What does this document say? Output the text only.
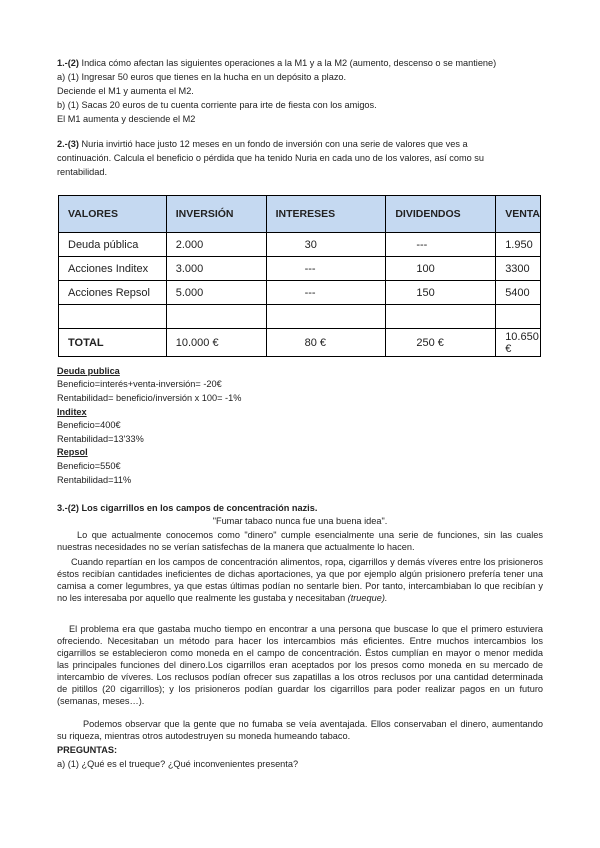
1.-(2) Indica cómo afectan las siguientes operaciones a la M1 y a la M2 (aumento, descenso o se mantiene)
a) (1) Ingresar 50 euros que tienes en la hucha en un depósito a plazo.
Deciende el M1 y aumenta el M2.
b) (1) Sacas 20 euros de tu cuenta corriente para irte de fiesta con los amigos.
El M1 aumenta y desciende el M2
2.-(3) Nuria invirtió hace justo 12 meses en un fondo de inversión con una serie de valores que ves a
continuación. Calcula el beneficio o pérdida que ha tenido Nuria en cada uno de los valores, así como su
rentabilidad.
VALORES	INVERSIÓN	INTERESES	DIVIDENDOS	VENTA
Deuda pública	2.000	30	---	1.950
Acciones Inditex	3.000	---	100	3300
Acciones Repsol	5.000	---	150	5400

TOTAL	10.000 €	80 €	250 €	10.650 €
Deuda publica
Beneficio=interés+venta-inversión= -20€
Rentabilidad= beneficio/inversión x 100= -1%
Inditex
Beneficio=400€
Rentabilidad=13'33%
Repsol
Beneficio=550€
Rentabilidad=11%
3.-(2) Los cigarrillos en los campos de concentración nazis.
"Fumar tabaco nunca fue una buena idea".
Lo que actualmente conocemos como "dinero" cumple esencialmente una serie de funciones, sin las cuales nuestras necesidades no se verían satisfechas de la manera que actualmente lo hacen.
Cuando repartían en los campos de concentración alimentos, ropa, cigarrillos y demás víveres entre los prisioneros éstos recibían cantidades ineficientes de dichas aportaciones, ya que por ejemplo algún prisionero prefería tener una camisa a comer legumbres, ya que estas últimas podían no sentarle bien. Por tanto, intercambiaban lo que recibían y no les interesaba por aquello que realmente les gustaba y necesitaban (trueque).
El problema era que gastaba mucho tiempo en encontrar a una persona que buscase lo que el primero estuviera ofreciendo. Necesitaban un método para hacer los intercambios más eficientes. Entre muchos intercambios los cigarrillos se establecieron como moneda en el campo de concentración. Éstos cumplían en mayor o menor medida las principales funciones del dinero.Los cigarrillos eran aceptados por los presos como moneda en su mercado de intercambio de víveres. Los reclusos podían ofrecer sus zapatillas a los otros reclusos por una cantidad determinada de pitillos (20 cigarrillos); y los prisioneros podían guardar los cigarrillos para poder realizar pagos en un futuro (semanas, meses…).
Podemos observar que la gente que no fumaba se veía aventajada. Ellos conservaban el dinero, aumentando su riqueza, mientras otros autodestruyen su moneda humeando tabaco.
PREGUNTAS:
a) (1) ¿Qué es el trueque? ¿Qué inconvenientes presenta?
